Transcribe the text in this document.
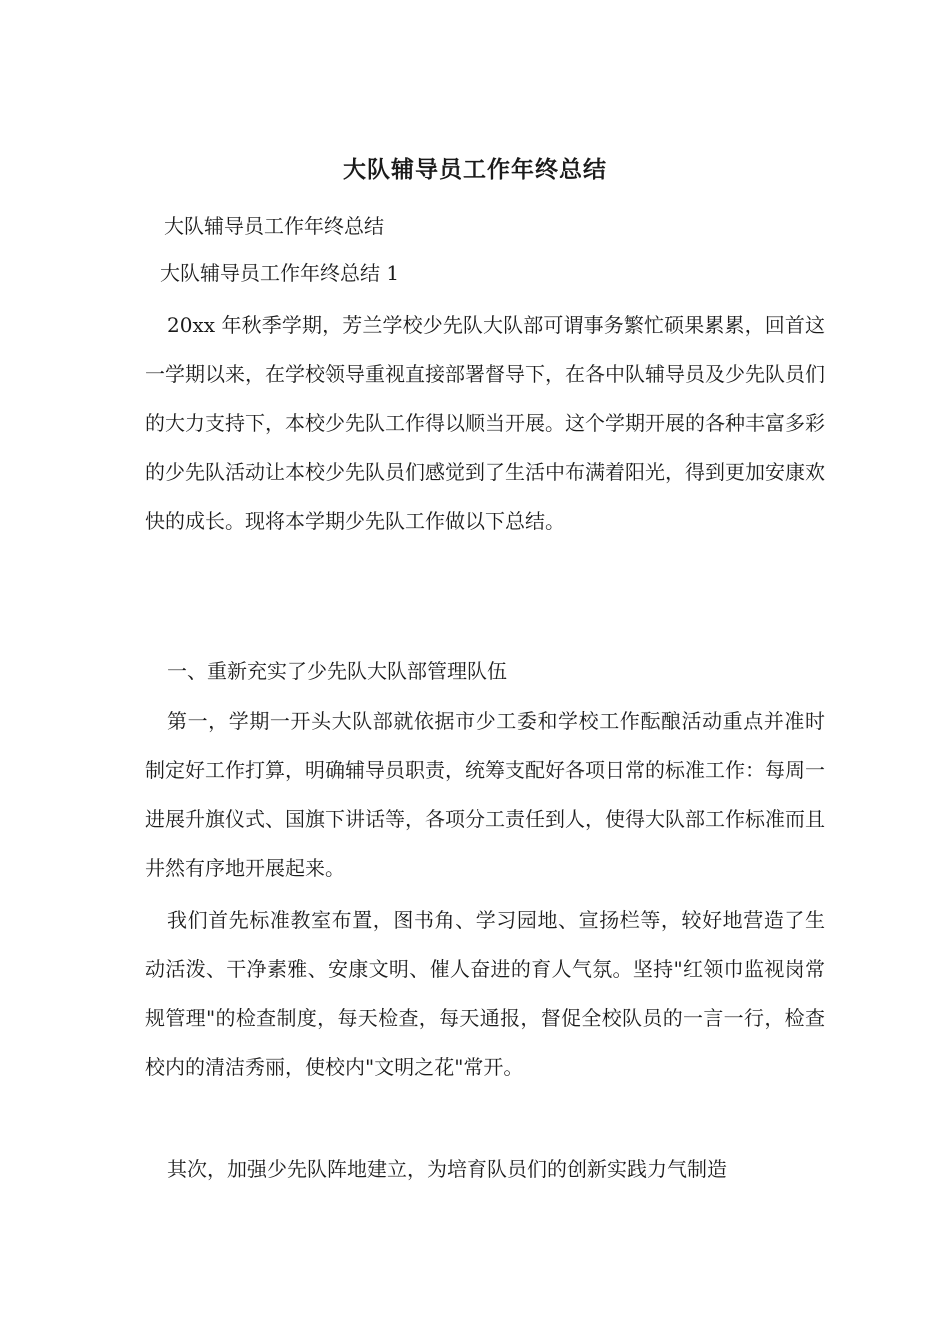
大队辅导员工作年终总结
大队辅导员工作年终总结
大队辅导员工作年终总结 1

20xx 年秋季学期，芳兰学校少先队大队部可谓事务繁忙硕果累累，回首这一学期以来，在学校领导重视直接部署督导下，在各中队辅导员及少先队员们的大力支持下，本校少先队工作得以顺当开展。这个学期开展的各种丰富多彩的少先队活动让本校少先队员们感觉到了生活中布满着阳光，得到更加安康欢快的成长。现将本学期少先队工作做以下总结。

一、重新充实了少先队大队部管理队伍

第一，学期一开头大队部就依据市少工委和学校工作酝酿活动重点并准时制定好工作打算，明确辅导员职责，统筹支配好各项日常的标准工作：每周一进展升旗仪式、国旗下讲话等，各项分工责任到人，使得大队部工作标准而且井然有序地开展起来。

我们首先标准教室布置，图书角、学习园地、宣扬栏等，较好地营造了生动活泼、干净素雅、安康文明、催人奋进的育人气氛。坚持"红领巾监视岗常规管理"的检查制度，每天检查，每天通报，督促全校队员的一言一行，检查校内的清洁秀丽，使校内"文明之花"常开。

其次，加强少先队阵地建立，为培育队员们的创新实践力气制造
